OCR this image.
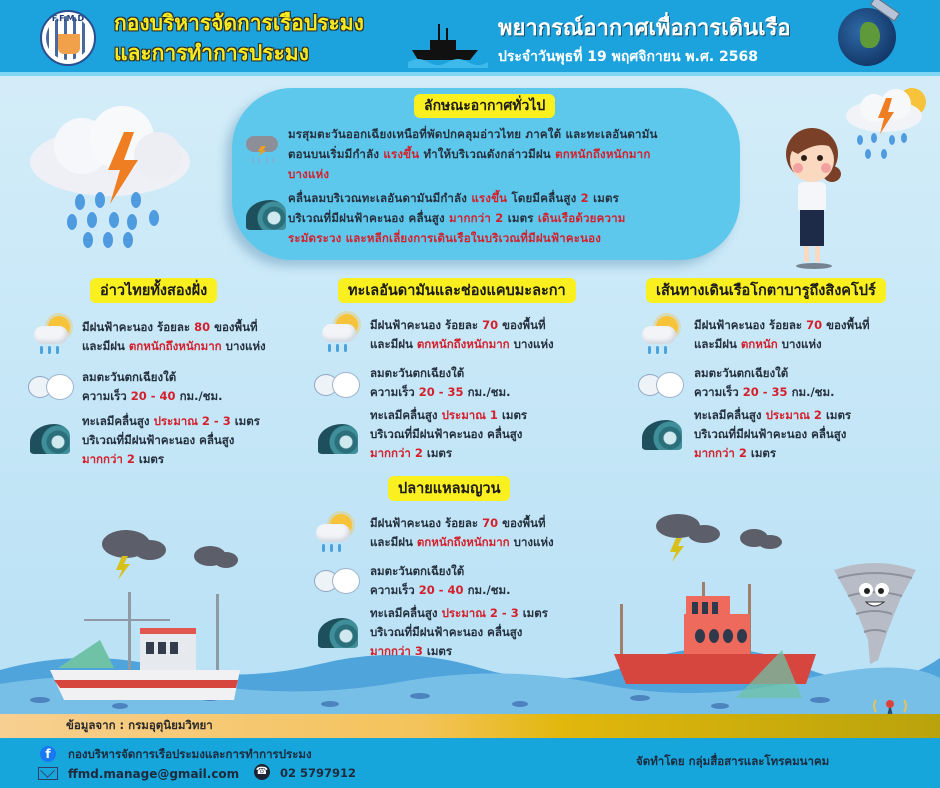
F.F.M.D	กองบริหารจัดการเรือประมง
และการทำการประมง
พยากรณ์อากาศเพื่อการเดินเรือ
ประจำวันพุธที่ 19 พฤศจิกายน พ.ศ. 2568
ลักษณะอากาศทั่วไป
มรสุมตะวันออกเฉียงเหนือที่พัดปกคลุมอ่าวไทย ภาคใต้ และทะเลอันดามัน
ตอนบนเริ่มมีกำลัง แรงขึ้น ทำให้บริเวณดังกล่าวมีฝน ตกหนักถึงหนักมาก
บางแห่ง
คลื่นลมบริเวณทะเลอันดามันมีกำลัง แรงขึ้น โดยมีคลื่นสูง 2 เมตร
บริเวณที่มีฝนฟ้าคะนอง คลื่นสูง มากกว่า 2 เมตร เดินเรือด้วยความ
ระมัดระวง และหลีกเลี่ยงการเดินเรือในบริเวณที่มีฝนฟ้าคะนอง
อ่าวไทยทั้งสองฝั่ง
มีฝนฟ้าคะนอง ร้อยละ 80 ของพื้นที่
และมีฝน ตกหนักถึงหนักมาก บางแห่ง
ลมตะวันตกเฉียงใต้
ความเร็ว 20 - 40 กม./ชม.
ทะเลมีคลื่นสูง ประมาณ 2 - 3 เมตร
บริเวณที่มีฝนฟ้าคะนอง คลื่นสูง
มากกว่า 2 เมตร
ทะเลอันดามันและช่องแคบมะละกา
มีฝนฟ้าคะนอง ร้อยละ 70 ของพื้นที่
และมีฝน ตกหนักถึงหนักมาก บางแห่ง
ลมตะวันตกเฉียงใต้
ความเร็ว 20 - 35 กม./ชม.
ทะเลมีคลื่นสูง ประมาณ 1 เมตร
บริเวณที่มีฝนฟ้าคะนอง คลื่นสูง
มากกว่า 2 เมตร
เส้นทางเดินเรือโกตาบารูถึงสิงคโปร์
มีฝนฟ้าคะนอง ร้อยละ 70 ของพื้นที่
และมีฝน ตกหนัก บางแห่ง
ลมตะวันตกเฉียงใต้
ความเร็ว 20 - 35 กม./ชม.
ทะเลมีคลื่นสูง ประมาณ 2 เมตร
บริเวณที่มีฝนฟ้าคะนอง คลื่นสูง
มากกว่า 2 เมตร
ปลายแหลมญวน
มีฝนฟ้าคะนอง ร้อยละ 70 ของพื้นที่
และมีฝน ตกหนักถึงหนักมาก บางแห่ง
ลมตะวันตกเฉียงใต้
ความเร็ว 20 - 40 กม./ชม.
ทะเลมีคลื่นสูง ประมาณ 2 - 3 เมตร
บริเวณที่มีฝนฟ้าคะนอง คลื่นสูง
มากกว่า 3 เมตร
ข้อมูลจาก : กรมอุตุนิยมวิทยา
f	กองบริหารจัดการเรือประมงและการทำการประมง
ffmd.manage@gmail.com ☎ 02 5797912
จัดทำโดย กลุ่มสื่อสารและโทรคมนาคม
